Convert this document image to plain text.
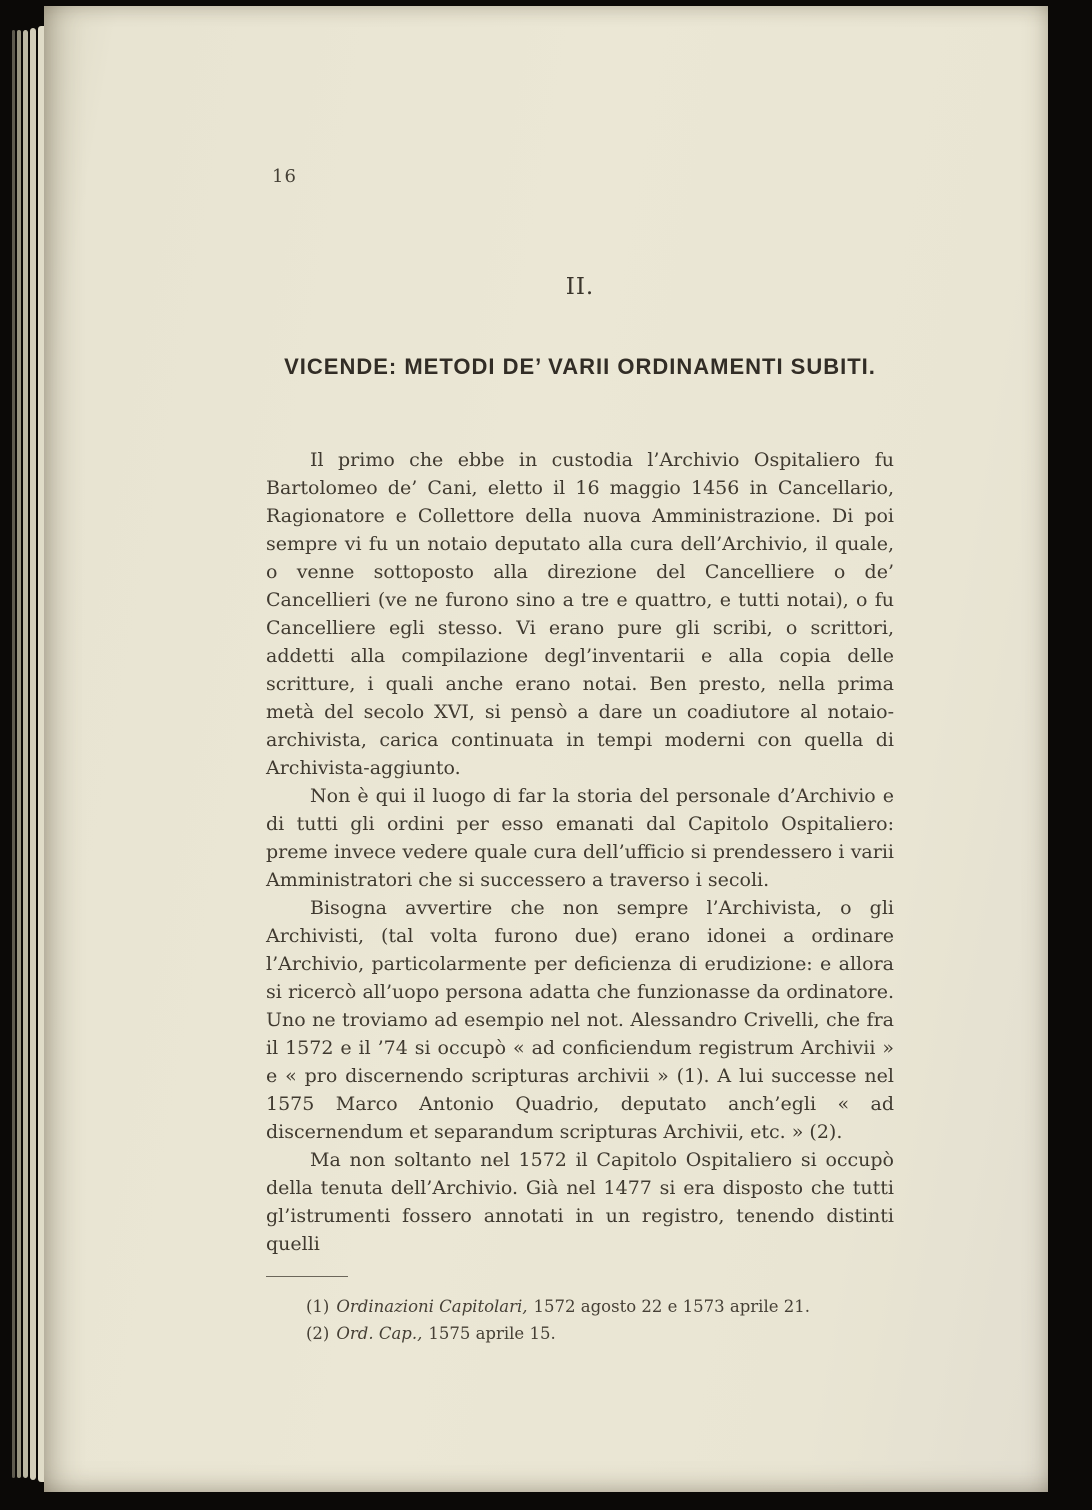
16
II.
VICENDE: METODI DE’ VARII ORDINAMENTI SUBITI.

Il primo che ebbe in custodia l’Archivio Ospitaliero fu Bartolomeo de’ Cani, eletto il 16 maggio 1456 in Cancellario, Ragionatore e Collettore della nuova Amministrazione. Di poi sempre vi fu un notaio deputato alla cura dell’Archivio, il quale, o venne sottoposto alla direzione del Cancelliere o de’ Cancellieri (ve ne furono sino a tre e quattro, e tutti notai), o fu Cancelliere egli stesso. Vi erano pure gli scribi, o scrittori, addetti alla compilazione degl’inventarii e alla copia delle scritture, i quali anche erano notai. Ben presto, nella prima metà del secolo XVI, si pensò a dare un coadiutore al notaio-archivista, carica continuata in tempi moderni con quella di Archivista-aggiunto.

Non è qui il luogo di far la storia del personale d’Archivio e di tutti gli ordini per esso emanati dal Capitolo Ospitaliero: preme invece vedere quale cura dell’ufficio si prendessero i varii Amministratori che si successero a traverso i secoli.

Bisogna avvertire che non sempre l’Archivista, o gli Archivisti, (tal volta furono due) erano idonei a ordinare l’Archivio, particolarmente per deficienza di erudizione: e allora si ricercò all’uopo persona adatta che funzionasse da ordinatore. Uno ne troviamo ad esempio nel not. Alessandro Crivelli, che fra il 1572 e il ’74 si occupò « ad conficiendum registrum Archivii » e « pro discernendo scripturas archivii » (1). A lui successe nel 1575 Marco Antonio Quadrio, deputato anch’egli « ad discernendum et separandum scripturas Archivii, etc. » (2).

Ma non soltanto nel 1572 il Capitolo Ospitaliero si occupò della tenuta dell’Archivio. Già nel 1477 si era disposto che tutti gl’istrumenti fossero annotati in un registro, tenendo distinti quelli

(1) Ordinazioni Capitolari, 1572 agosto 22 e 1573 aprile 21.

(2) Ord. Cap., 1575 aprile 15.
